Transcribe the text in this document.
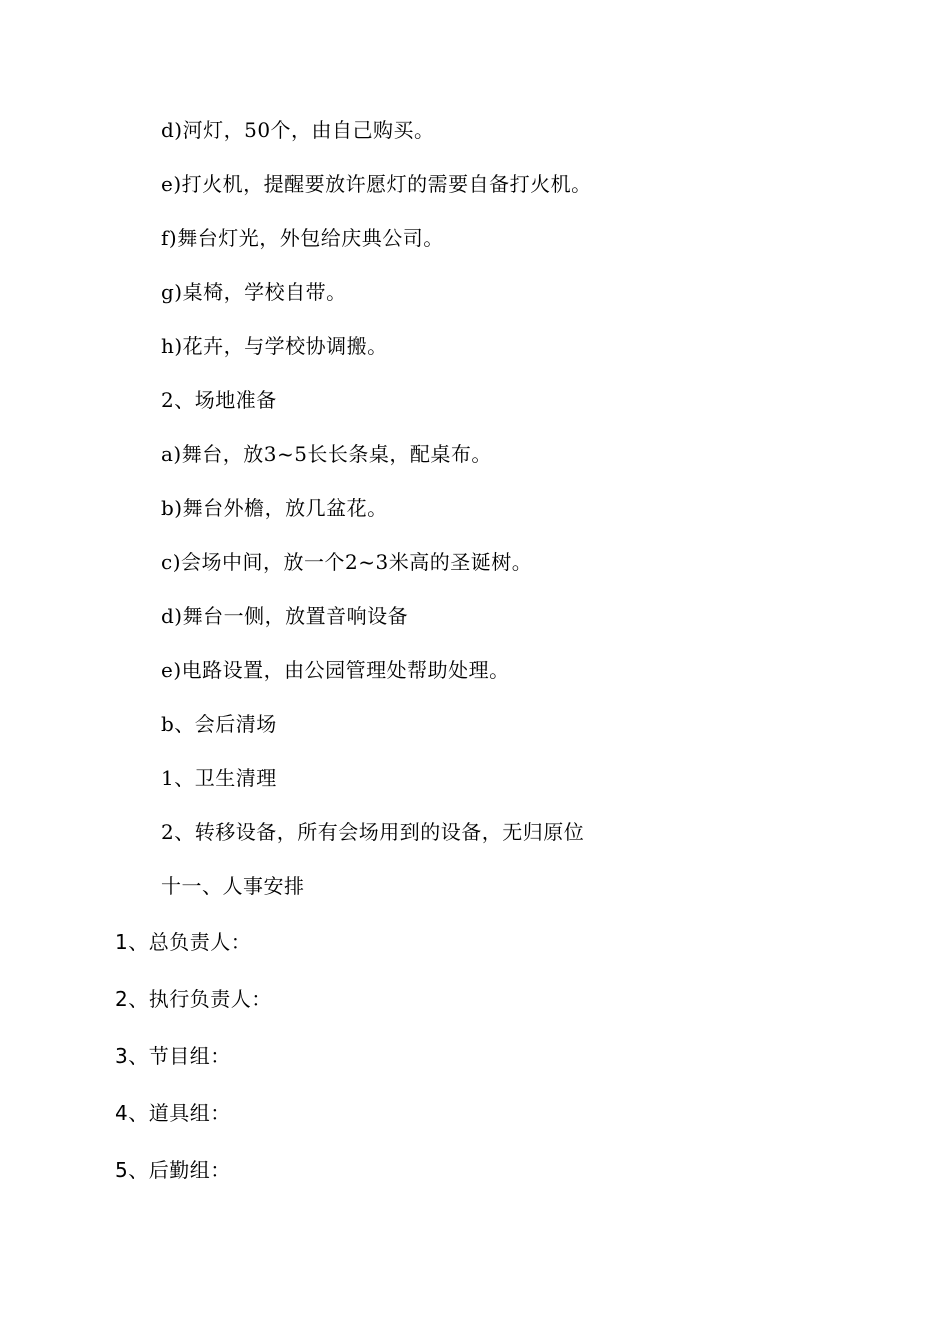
d)河灯，50个，由自己购买。
e)打火机，提醒要放许愿灯的需要自备打火机。
f)舞台灯光，外包给庆典公司。
g)桌椅，学校自带。
h)花卉，与学校协调搬。
2、场地准备
a)舞台，放3~5长长条桌，配桌布。
b)舞台外檐，放几盆花。
c)会场中间，放一个2~3米高的圣诞树。
d)舞台一侧，放置音响设备
e)电路设置，由公园管理处帮助处理。
b、会后清场
1、卫生清理
2、转移设备，所有会场用到的设备，无归原位
十一、人事安排
1、总负责人：
2、执行负责人：
3、节目组：
4、道具组：
5、后勤组：
